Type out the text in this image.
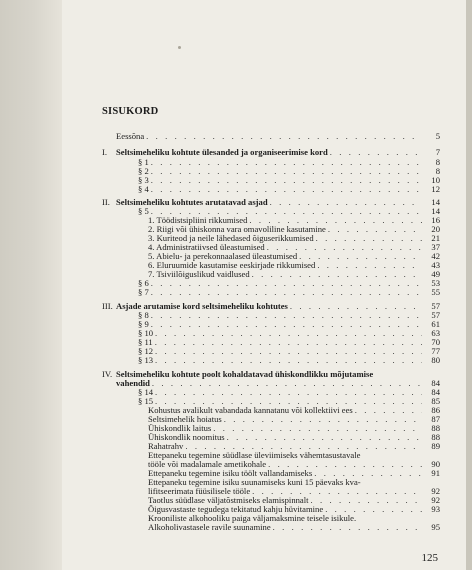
SISUKORD
Eessõna . . .	5
I.	Seltsimeheliku kohtute ülesanded ja organiseerimise kord . . .	7
§ 1 . . .	8
§ 2 . . .	8
§ 3 . . .	10
§ 4 . . .	12
II. Seltsimeheliku kohtutes arutatavad asjad . . .	14
§ 5 . . .	14
1. Töödistsipliini rikkumised . . .	16
2. Riigi või ühiskonna vara omavoliline kasutamine . . .	20
3. Kuriteod ja neile lähedased õiguserikkumised . . .	21
4. Administratiivsed üleastumised . . .	37
5. Abielu- ja perekonnaalased üleastumised . . .	42
6. Eluruumide kasutamise eeskirjade rikkumised . . .	43
7. Tsiviilõiguslikud vaidlused . . .	49
§ 6 . . .	53
§ 7 . . .	55
III. Asjade arutamise kord seltsimeheliku kohtutes . . .	57
§ 8 . . .	57
§ 9 . . .	61
§ 10 . . .	63
§ 11 . . .	70
§ 12 . . .	77
§ 13 . . .	80
IV. Seltsimeheliku kohtute poolt kohaldatavad ühiskondlikku mõjutamise
vahendid . . .	84
§ 14 . . .	84
§ 15 . . .	85
Kohustus avalikult vabandada kannatanu või kollektiivi ees . . .	86
Seltsimehelik hoiatus . . .	87
Ühiskondlik laitus . . .	88
Ühiskondlik noomitus . . .	88
Rahatrahv . . .	89
Ettepaneku tegemine süüdlase üleviimiseks vähemtasustavale
tööle või madalamale ametikohale . . .	90
Ettepaneku tegemine isiku töölt vallandamiseks . . .	91
Ettepaneku tegemine isiku suunamiseks kuni 15 päevaks kva-
lifitseerimata füüsilisele tööle . . .	92
Taotlus süüdlase väljatõstmiseks elamispinnalt . . .	92
Õigusvastaste tegudega tekitatud kahju hüvitamine . . .	93
Krooniliste alkohooliku paiga väljamaksmine teisele isikule.
Alkoholivastasele ravile suunamine . . .	95
125
